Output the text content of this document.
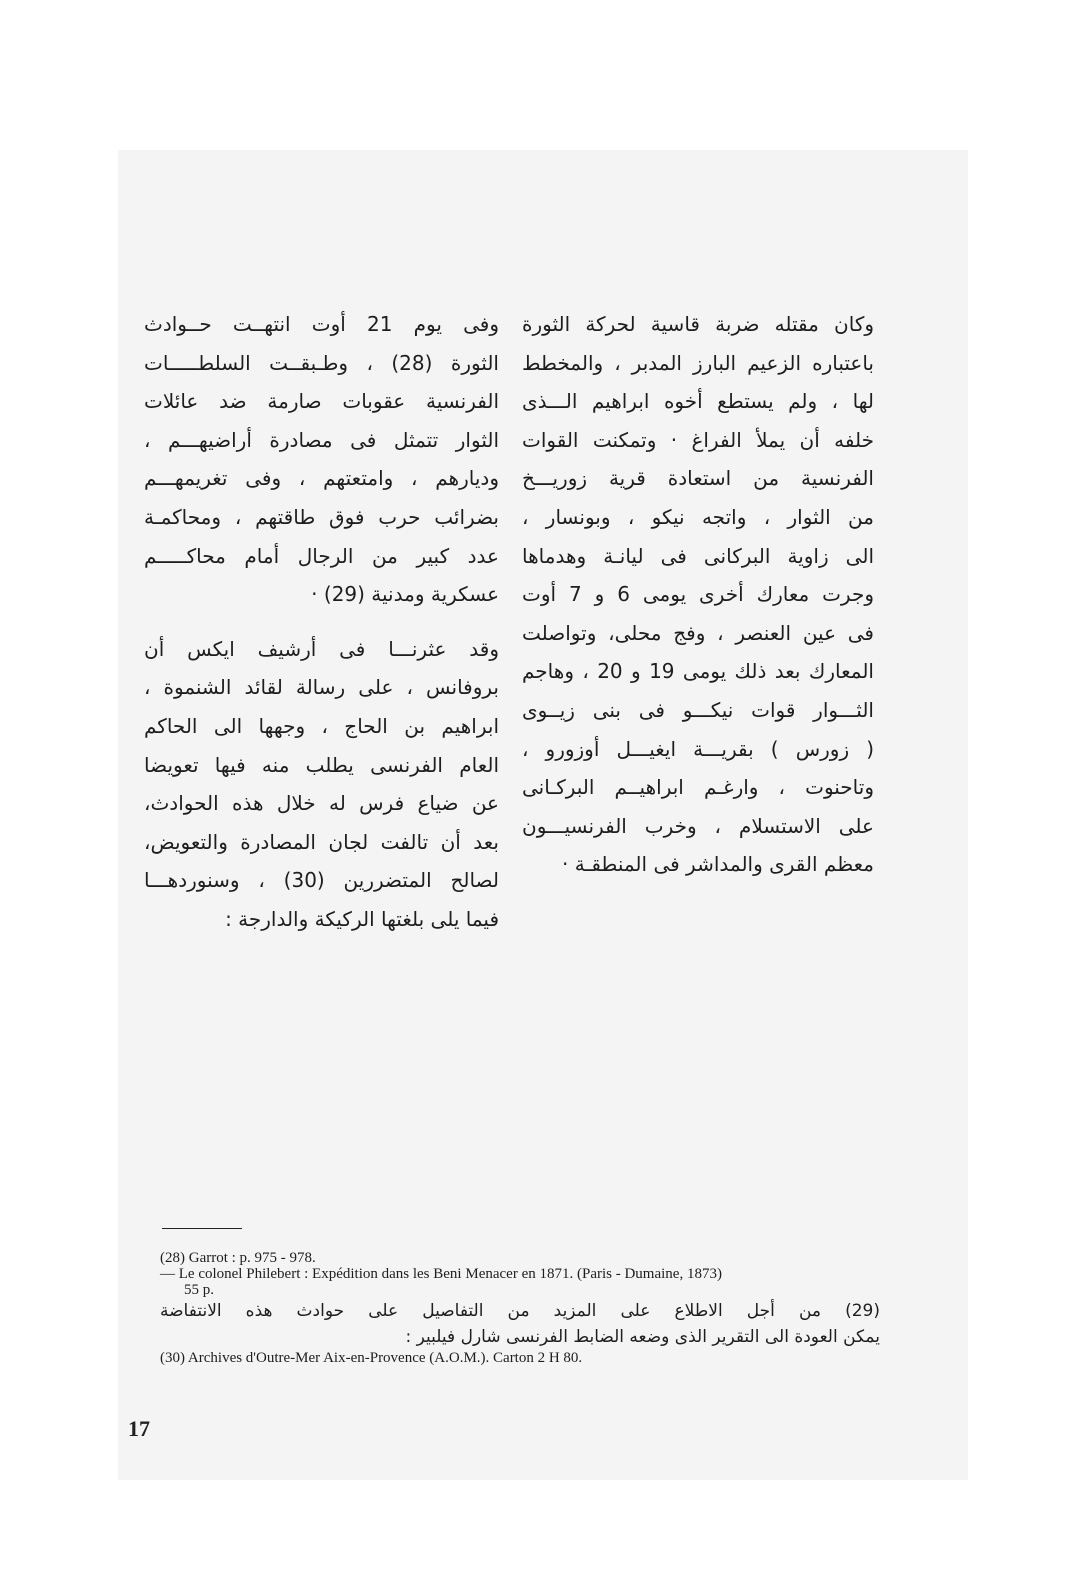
وكان مقتله ضربة قاسية لحركة الثورة
باعتباره الزعيم البارز المدبر ، والمخطط
لها ، ولم يستطع أخوه ابراهيم الـــذى
خلفه أن يملأ الفراغ · وتمكنت القوات
الفرنسية من استعادة قرية زوريـــخ
من الثوار ، واتجه نيكو ، وبونسار ،
الى زاوية البركانى فى ليانـة وهدماها
وجرت معارك أخرى يومى 6 و 7 أوت
فى عين العنصر ، وفج محلى، وتواصلت
المعارك بعد ذلك يومى 19 و 20 ، وهاجم
الثـــوار قوات نيكـــو فى بنى زيــوى
( زورس ) بقريـــة ايغيـــل أوزورو ،
وتاحنوت ، وارغـم ابراهيــم البركـانى
على الاستسلام ، وخرب الفرنسيـــون
معظم القرى والمداشر فى المنطقـة ·
وفى يوم 21 أوت انتهــت حــوادث
الثورة (28) ، وطـبقــت السلطـــــات
الفرنسية عقوبات صارمة ضد عائلات
الثوار تتمثل فى مصادرة أراضيهـــم ،
وديارهم ، وامتعتهم ، وفى تغريمهـــم
بضرائب حرب فوق طاقتهم ، ومحاكمـة
عدد كبير من الرجال أمام محاكـــــم
عسكرية ومدنية (29) ·
وقد عثرنـــا فى أرشيف ايكس أن
بروفانس ، على رسالة لقائد الشنموة ،
ابراهيم بن الحاج ، وجهها الى الحاكم
العام الفرنسى يطلب منه فيها تعويضا
عن ضياع فرس له خلال هذه الحوادث،
بعد أن تالفت لجان المصادرة والتعويض،
لصالح المتضررين (30) ، وسنوردهـــا
فيما يلى بلغتها الركيكة والدارجة :
(28) Garrot : p. 975 - 978.
— Le colonel Philebert : Expédition dans les Beni Menacer en 1871. (Paris - Dumaine, 1873)
55 p.
(29) من أجل الاطلاع على المزيد من التفاصيل على حوادث هذه الانتفاضة
يمكن العودة الى التقرير الذى وضعه الضابط الفرنسى شارل فيلبير :
(30) Archives d'Outre-Mer Aix-en-Provence (A.O.M.). Carton 2 H 80.
17
